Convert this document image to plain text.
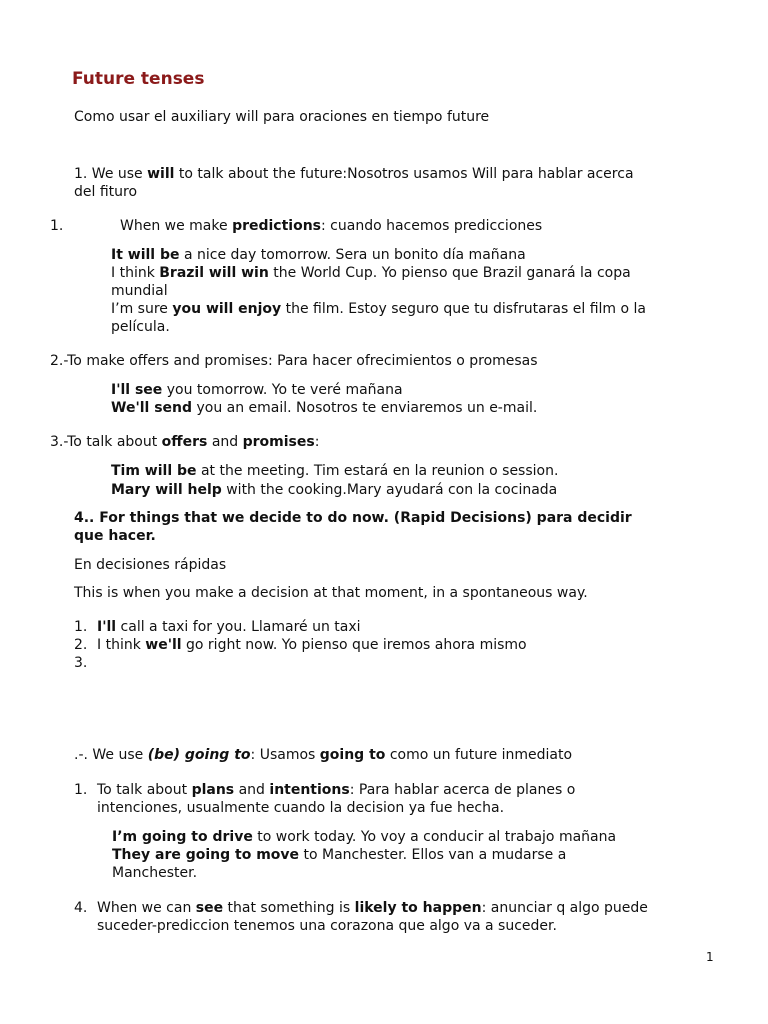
Future tenses
Como usar el auxiliary will para oraciones en tiempo future
1. We use will to talk about the future:Nosotros usamos Will para hablar acerca
del fituro
1.	When we make predictions: cuando hacemos predicciones
It will be a nice day tomorrow. Sera un bonito día mañana
I think Brazil will win the World Cup. Yo pienso que Brazil ganará la copa
mundial
I’m sure you will enjoy the film. Estoy seguro que tu disfrutaras el film o la
película.
2.-To make offers and promises: Para hacer ofrecimientos o promesas
I'll see you tomorrow. Yo te veré mañana
We'll send you an email. Nosotros te enviaremos un e-mail.
3.-To talk about offers and promises:
Tim will be at the meeting. Tim estará en la reunion o session.
Mary will help with the cooking.Mary ayudará con la cocinada
4.. For things that we decide to do now. (Rapid Decisions) para decidir
que hacer.
En decisiones rápidas
This is when you make a decision at that moment, in a spontaneous way.
1. I'll call a taxi for you. Llamaré un taxi
2. I think we'll go right now. Yo pienso que iremos ahora mismo
3.
.-. We use (be) going to: Usamos going to como un future inmediato
1. To talk about plans and intentions: Para hablar acerca de planes o
intenciones, usualmente cuando la decision ya fue hecha.
I’m going to drive to work today. Yo voy a conducir al trabajo mañana
They are going to move to Manchester. Ellos van a mudarse a
Manchester.
4. When we can see that something is likely to happen: anunciar q algo puede
suceder-prediccion tenemos una corazona que algo va a suceder.
1
